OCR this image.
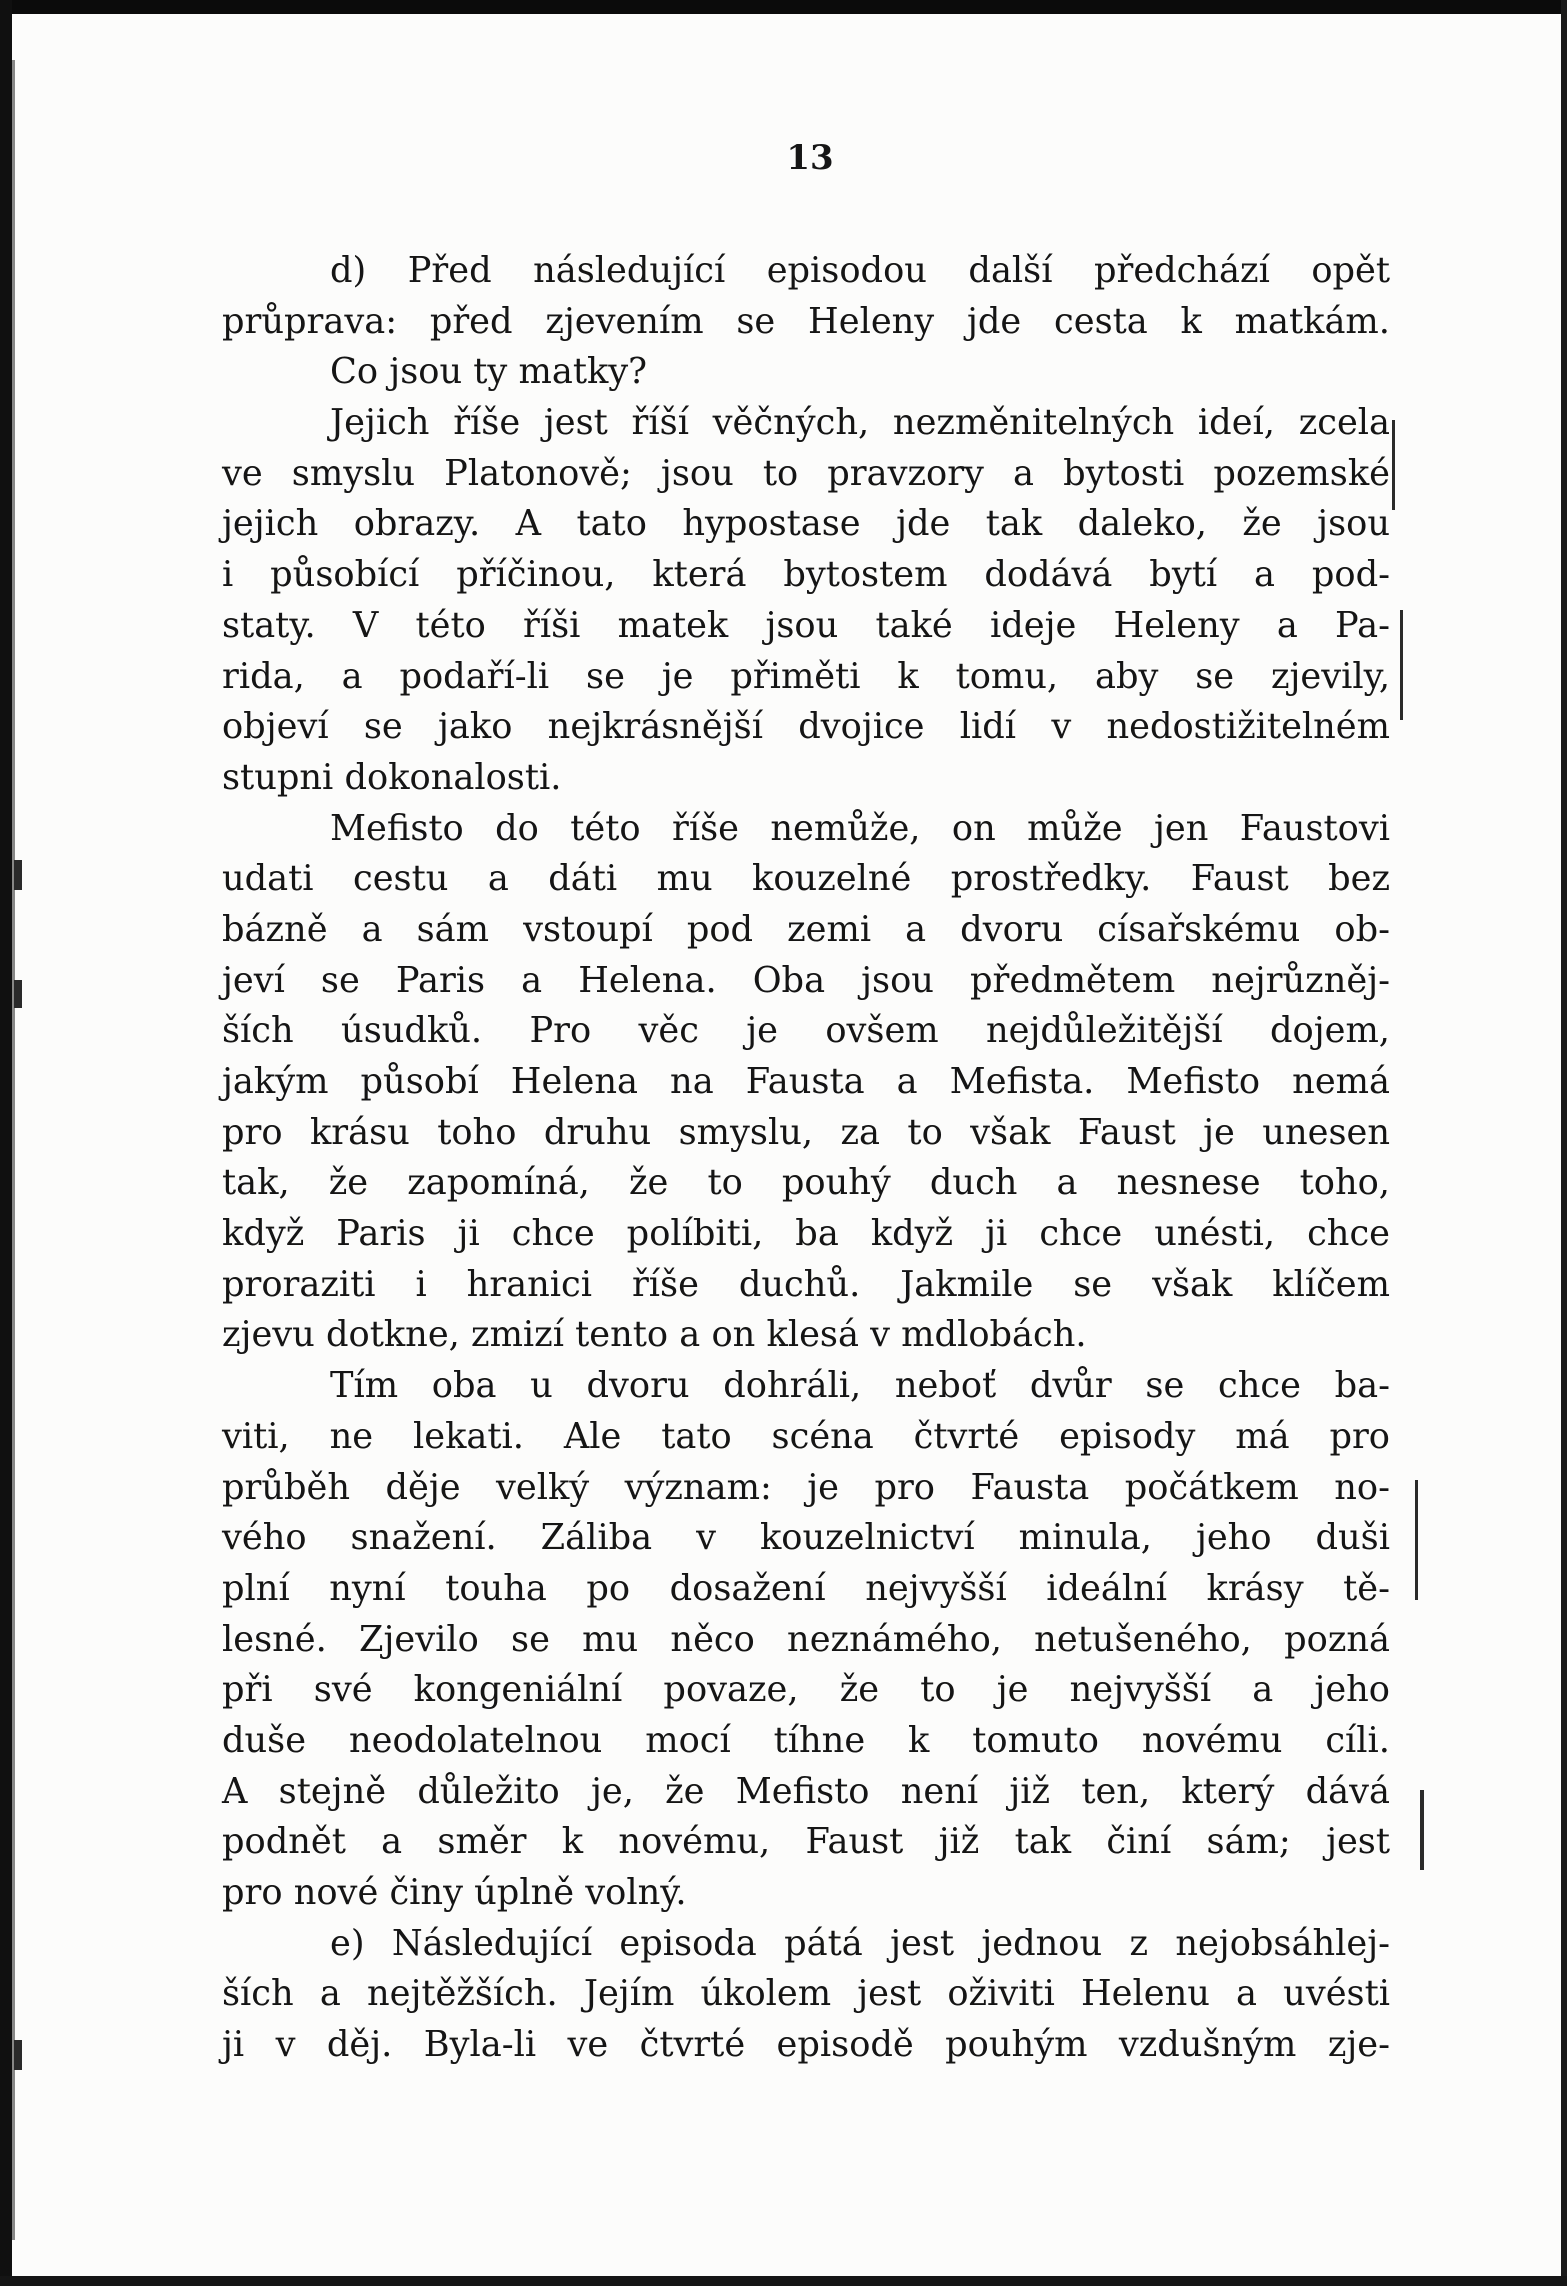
13
d) Před následující episodou další předchází opět
průprava: před zjevením se Heleny jde cesta k matkám.
Co jsou ty matky?
Jejich říše jest říší věčných, nezměnitelných ideí, zcela
ve smyslu Platonově; jsou to pravzory a bytosti pozemské
jejich obrazy. A tato hypostase jde tak daleko, že jsou
i působící příčinou, která bytostem dodává bytí a pod-
staty. V této říši matek jsou také ideje Heleny a Pa-
rida, a podaří-li se je přiměti k tomu, aby se zjevily,
objeví se jako nejkrásnější dvojice lidí v nedostižitelném
stupni dokonalosti.
Mefisto do této říše nemůže, on může jen Faustovi
udati cestu a dáti mu kouzelné prostředky. Faust bez
bázně a sám vstoupí pod zemi a dvoru císařskému ob-
jeví se Paris a Helena. Oba jsou předmětem nejrůzněj-
ších úsudků. Pro věc je ovšem nejdůležitější dojem,
jakým působí Helena na Fausta a Mefista. Mefisto nemá
pro krásu toho druhu smyslu, za to však Faust je unesen
tak, že zapomíná, že to pouhý duch a nesnese toho,
když Paris ji chce políbiti, ba když ji chce unésti, chce
proraziti i hranici říše duchů. Jakmile se však klíčem
zjevu dotkne, zmizí tento a on klesá v mdlobách.
Tím oba u dvoru dohráli, neboť dvůr se chce ba-
viti, ne lekati. Ale tato scéna čtvrté episody má pro
průběh děje velký význam: je pro Fausta počátkem no-
vého snažení. Záliba v kouzelnictví minula, jeho duši
plní nyní touha po dosažení nejvyšší ideální krásy tě-
lesné. Zjevilo se mu něco neznámého, netušeného, pozná
při své kongeniální povaze, že to je nejvyšší a jeho
duše neodolatelnou mocí tíhne k tomuto novému cíli.
A stejně důležito je, že Mefisto není již ten, který dává
podnět a směr k novému, Faust již tak činí sám; jest
pro nové činy úplně volný.
e) Následující episoda pátá jest jednou z nejobsáhlej-
ších a nejtěžších. Jejím úkolem jest oživiti Helenu a uvésti
ji v děj. Byla-li ve čtvrté episodě pouhým vzdušným zje-
